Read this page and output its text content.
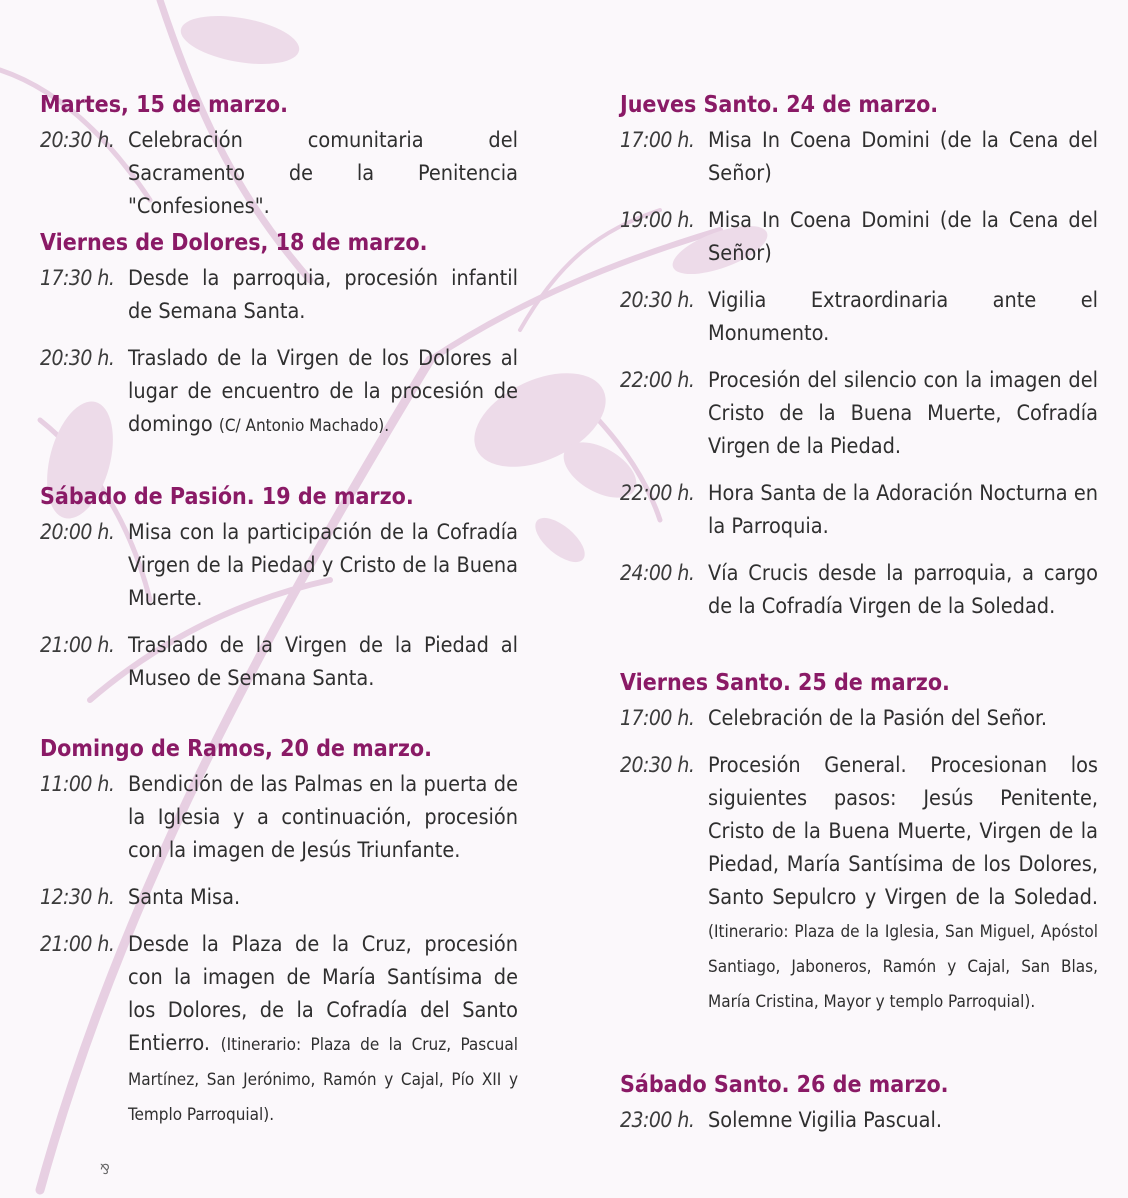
Martes, 15 de marzo.
20:30 h. Celebración comunitaria del Sacramento de la Penitencia "Confesiones".
Viernes de Dolores, 18 de marzo.
17:30 h. Desde la parroquia, procesión infantil de Semana Santa.
20:30 h. Traslado de la Virgen de los Dolores al lugar de encuentro de la procesión de domingo (C/ Antonio Machado).
Sábado de Pasión. 19 de marzo.
20:00 h. Misa con la participación de la Cofradía Virgen de la Piedad y Cristo de la Buena Muerte.
21:00 h. Traslado de la Virgen de la Piedad al Museo de Semana Santa.
Domingo de Ramos, 20 de marzo.
11:00 h. Bendición de las Palmas en la puerta de la Iglesia y a continuación, procesión con la imagen de Jesús Triunfante.
12:30 h. Santa Misa.
21:00 h. Desde la Plaza de la Cruz, procesión con la imagen de María Santísima de los Dolores, de la Cofradía del Santo Entierro. (Itinerario: Plaza de la Cruz, Pascual Martínez, San Jerónimo, Ramón y Cajal, Pío XII y Templo Parroquial).
Jueves Santo. 24 de marzo.
17:00 h. Misa In Coena Domini (de la Cena del Señor)
19:00 h. Misa In Coena Domini (de la Cena del Señor)
20:30 h. Vigilia Extraordinaria ante el Monumento.
22:00 h. Procesión del silencio con la imagen del Cristo de la Buena Muerte, Cofradía Virgen de la Piedad.
22:00 h. Hora Santa de la Adoración Nocturna en la Parroquia.
24:00 h. Vía Crucis desde la parroquia, a cargo de la Cofradía Virgen de la Soledad.
Viernes Santo. 25 de marzo.
17:00 h. Celebración de la Pasión del Señor.
20:30 h. Procesión General. Procesionan los siguientes pasos: Jesús Penitente, Cristo de la Buena Muerte, Virgen de la Piedad, María Santísima de los Dolores, Santo Sepulcro y Virgen de la Soledad. (Itinerario: Plaza de la Iglesia, San Miguel, Apóstol Santiago, Jaboneros, Ramón y Cajal, San Blas, María Cristina, Mayor y templo Parroquial).
Sábado Santo. 26 de marzo.
23:00 h. Solemne Vigilia Pascual.
⅋
